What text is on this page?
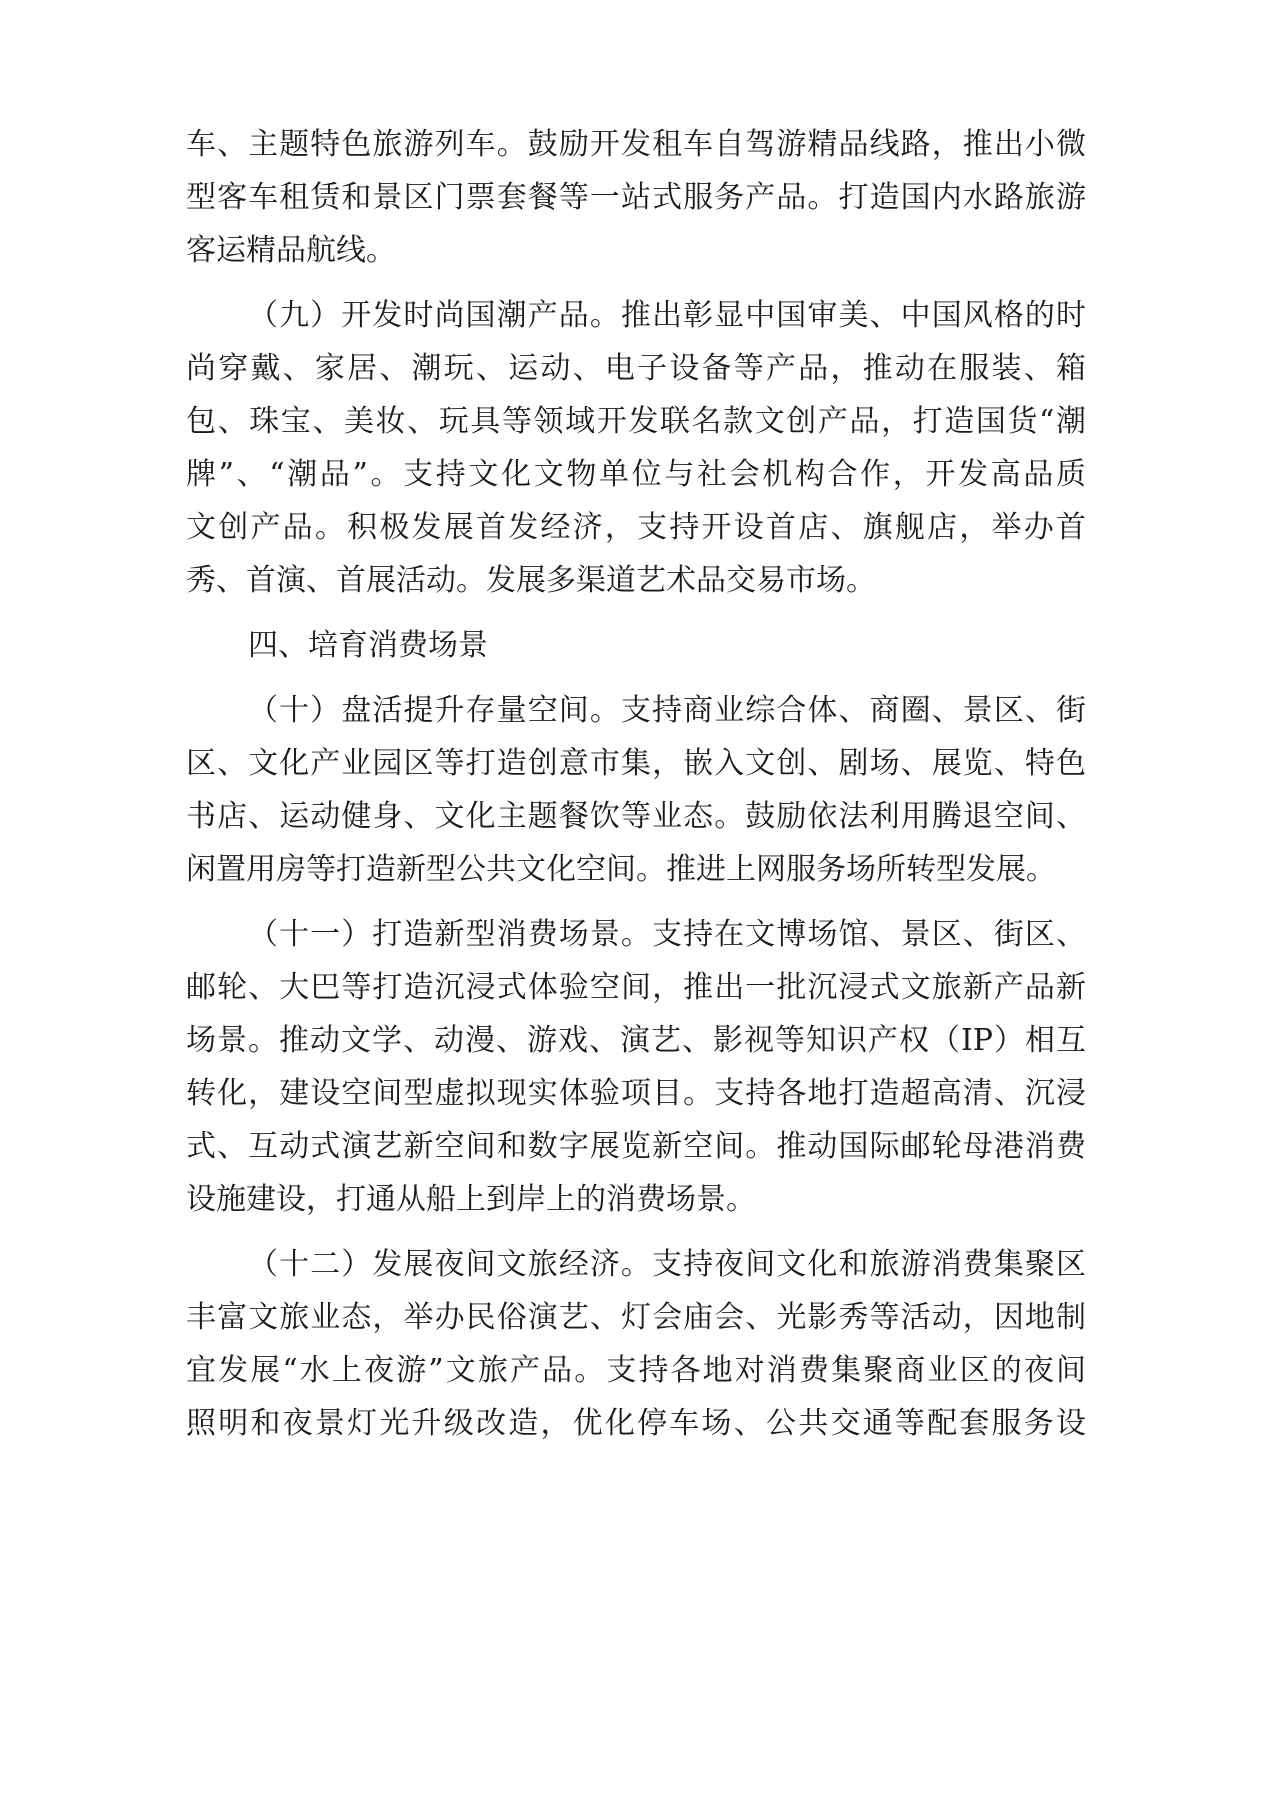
车、主题特色旅游列车。鼓励开发租车自驾游精品线路，推出小微
型客车租赁和景区门票套餐等一站式服务产品。打造国内水路旅游
客运精品航线。
（九）开发时尚国潮产品。推出彰显中国审美、中国风格的时
尚穿戴、家居、潮玩、运动、电子设备等产品，推动在服装、箱
包、珠宝、美妆、玩具等领域开发联名款文创产品，打造国货“潮
牌”、“潮品”。支持文化文物单位与社会机构合作，开发高品质
文创产品。积极发展首发经济，支持开设首店、旗舰店，举办首
秀、首演、首展活动。发展多渠道艺术品交易市场。
四、培育消费场景
（十）盘活提升存量空间。支持商业综合体、商圈、景区、街
区、文化产业园区等打造创意市集，嵌入文创、剧场、展览、特色
书店、运动健身、文化主题餐饮等业态。鼓励依法利用腾退空间、
闲置用房等打造新型公共文化空间。推进上网服务场所转型发展。
（十一）打造新型消费场景。支持在文博场馆、景区、街区、
邮轮、大巴等打造沉浸式体验空间，推出一批沉浸式文旅新产品新
场景。推动文学、动漫、游戏、演艺、影视等知识产权（IP）相互
转化，建设空间型虚拟现实体验项目。支持各地打造超高清、沉浸
式、互动式演艺新空间和数字展览新空间。推动国际邮轮母港消费
设施建设，打通从船上到岸上的消费场景。
（十二）发展夜间文旅经济。支持夜间文化和旅游消费集聚区
丰富文旅业态，举办民俗演艺、灯会庙会、光影秀等活动，因地制
宜发展“水上夜游”文旅产品。支持各地对消费集聚商业区的夜间
照明和夜景灯光升级改造，优化停车场、公共交通等配套服务设
